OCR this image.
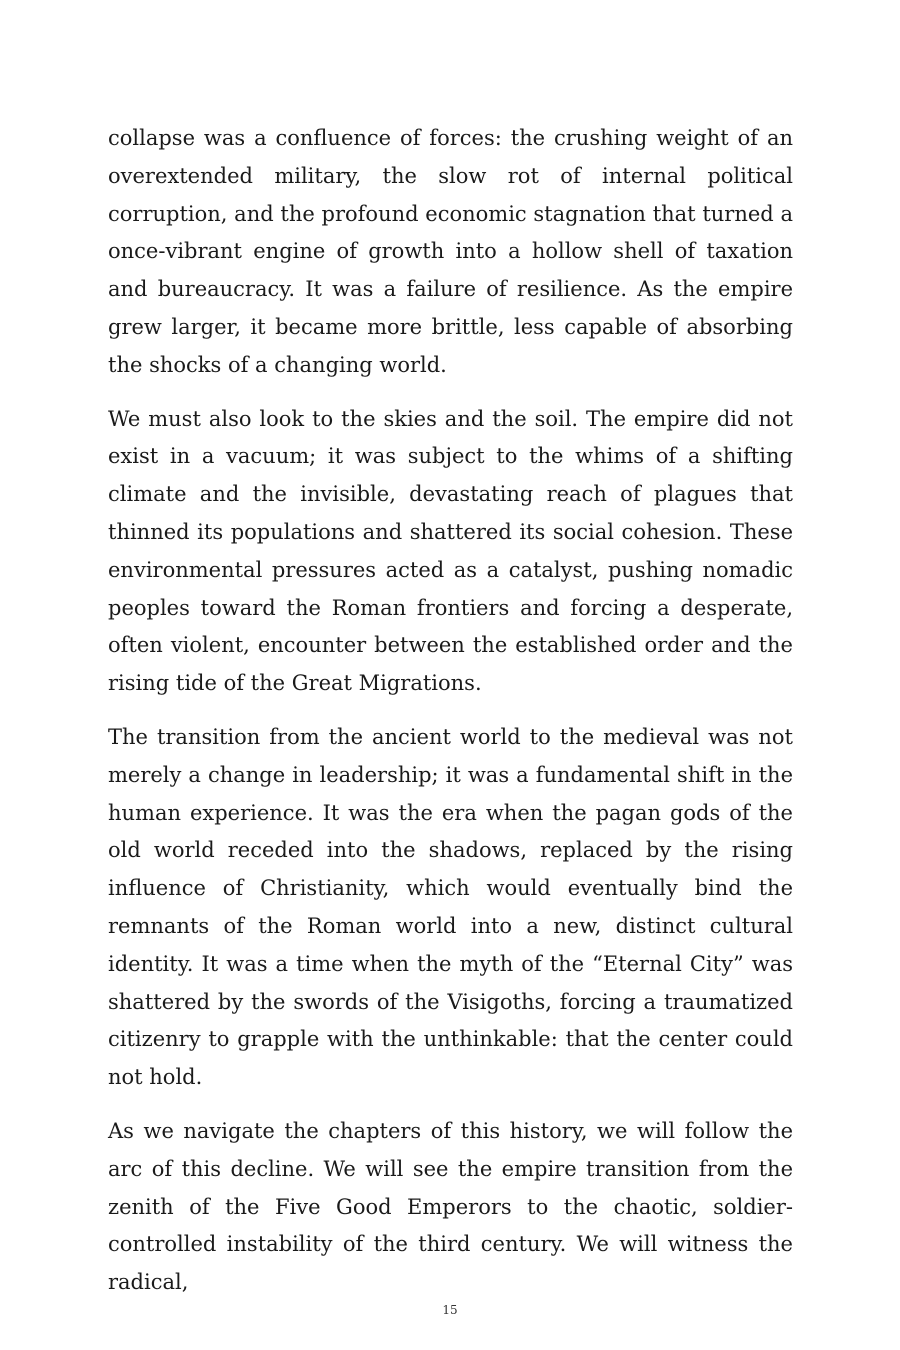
collapse was a confluence of forces: the crushing weight of an overextended military, the slow rot of internal political corruption, and the profound economic stagnation that turned a once-vibrant engine of growth into a hollow shell of taxation and bureaucracy. It was a failure of resilience. As the empire grew larger, it became more brittle, less capable of absorbing the shocks of a changing world.

We must also look to the skies and the soil. The empire did not exist in a vacuum; it was subject to the whims of a shifting climate and the invisible, devastating reach of plagues that thinned its populations and shattered its social cohesion. These environmental pressures acted as a catalyst, pushing nomadic peoples toward the Roman frontiers and forcing a desperate, often violent, encounter between the established order and the rising tide of the Great Migrations.

The transition from the ancient world to the medieval was not merely a change in leadership; it was a fundamental shift in the human experience. It was the era when the pagan gods of the old world receded into the shadows, replaced by the rising influence of Christianity, which would eventually bind the remnants of the Roman world into a new, distinct cultural identity. It was a time when the myth of the “Eternal City” was shattered by the swords of the Visigoths, forcing a traumatized citizenry to grapple with the unthinkable: that the center could not hold.

As we navigate the chapters of this history, we will follow the arc of this decline. We will see the empire transition from the zenith of the Five Good Emperors to the chaotic, soldier-controlled instability of the third century. We will witness the radical,

15
